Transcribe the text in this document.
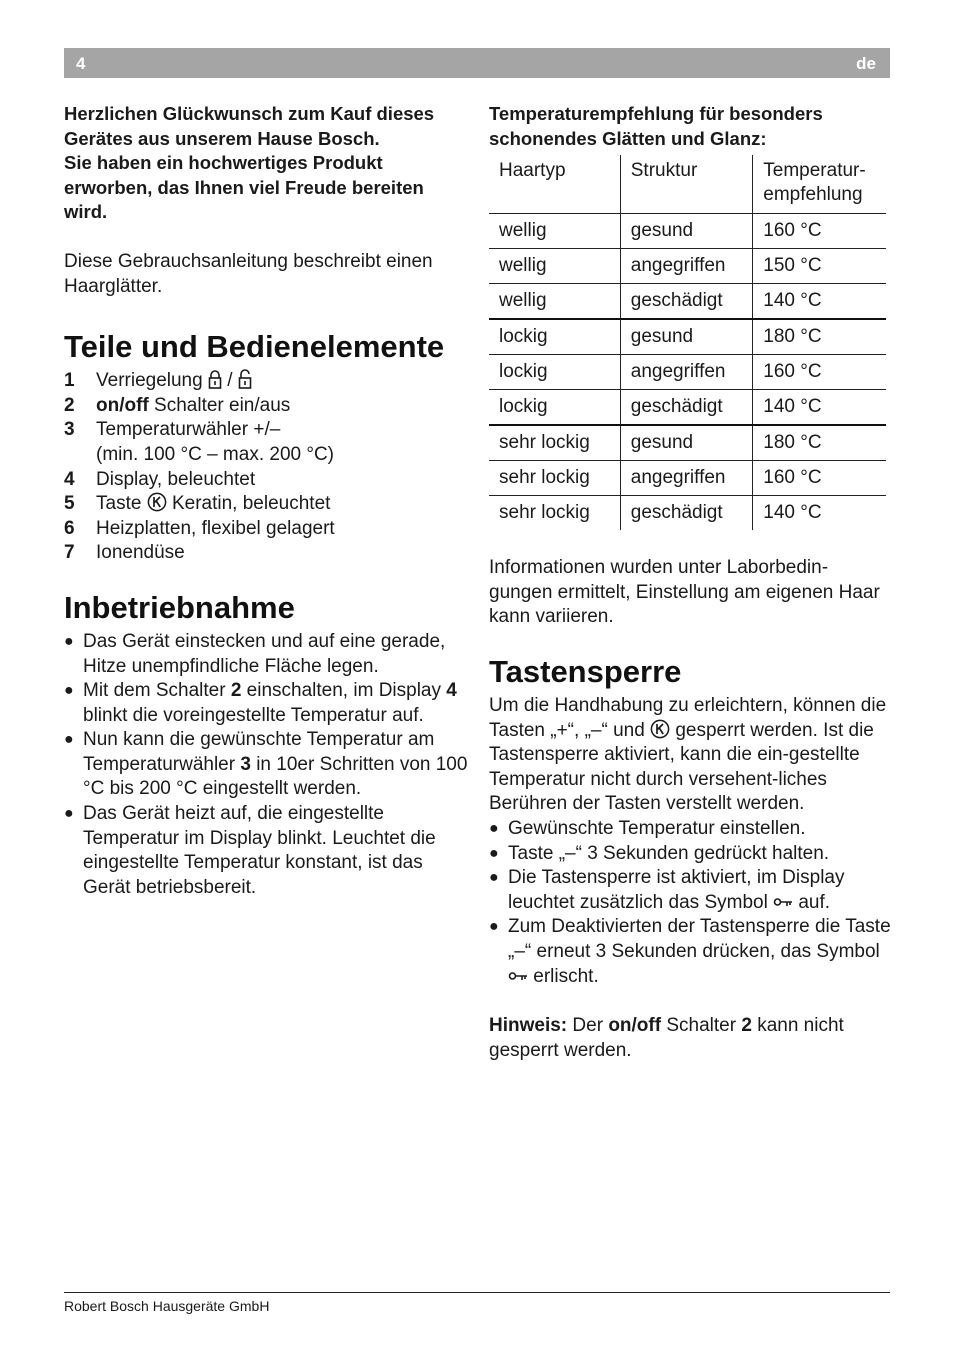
4	de
Herzlichen Glückwunsch zum Kauf dieses
Gerätes aus unserem Hause Bosch.
Sie haben ein hochwertiges Produkt
erworben, das Ihnen viel Freude bereiten
wird.

Diese Gebrauchsanleitung beschreibt einen Haarglätter.

Teile und Bedienelemente
1	Verriegelung /
2	on/off Schalter ein/aus
3	Temperaturwähler +/–
(min. 100 °C – max. 200 °C)
4	Display, beleuchtet
5	Taste  Keratin, beleuchtet
6	Heizplatten, flexibel gelagert
7	Ionendüse
Inbetriebnahme
● Das Gerät einstecken und auf eine gerade, Hitze unempfindliche Fläche legen.
● Mit dem Schalter 2 einschalten, im Display 4 blinkt die voreingestellte Temperatur auf.
● Nun kann die gewünschte Temperatur am Temperaturwähler 3 in 10er Schritten von 100 °C bis 200 °C eingestellt werden.
● Das Gerät heizt auf, die eingestellte Temperatur im Display blinkt. Leuchtet die eingestellte Temperatur konstant, ist das Gerät betriebsbereit.
Temperaturempfehlung für besonders
schonendes Glätten und Glanz:
Haartyp	Struktur	Temperatur-
empfehlung
wellig	gesund	160 °C
wellig	angegriffen	150 °C
wellig	geschädigt	140 °C
lockig	gesund	180 °C
lockig	angegriffen	160 °C
lockig	geschädigt	140 °C
sehr lockig	gesund	180 °C
sehr lockig	angegriffen	160 °C
sehr lockig	geschädigt	140 °C

Informationen wurden unter Laborbedin-gungen ermittelt, Einstellung am eigenen Haar kann variieren.

Tastensperre

Um die Handhabung zu erleichtern, können die Tasten „+“, „–“ und  gesperrt werden. Ist die Tastensperre aktiviert, kann die ein-gestellte Temperatur nicht durch versehent-liches Berühren der Tasten verstellt werden.

● Gewünschte Temperatur einstellen.
● Taste „–“ 3 Sekunden gedrückt halten.
● Die Tastensperre ist aktiviert, im Display leuchtet zusätzlich das Symbol  auf.
● Zum Deaktivierten der Tastensperre die Taste „–“ erneut 3 Sekunden drücken, das Symbol  erlischt.

Hinweis: Der on/off Schalter 2 kann nicht gesperrt werden.

Robert Bosch Hausgeräte GmbH
